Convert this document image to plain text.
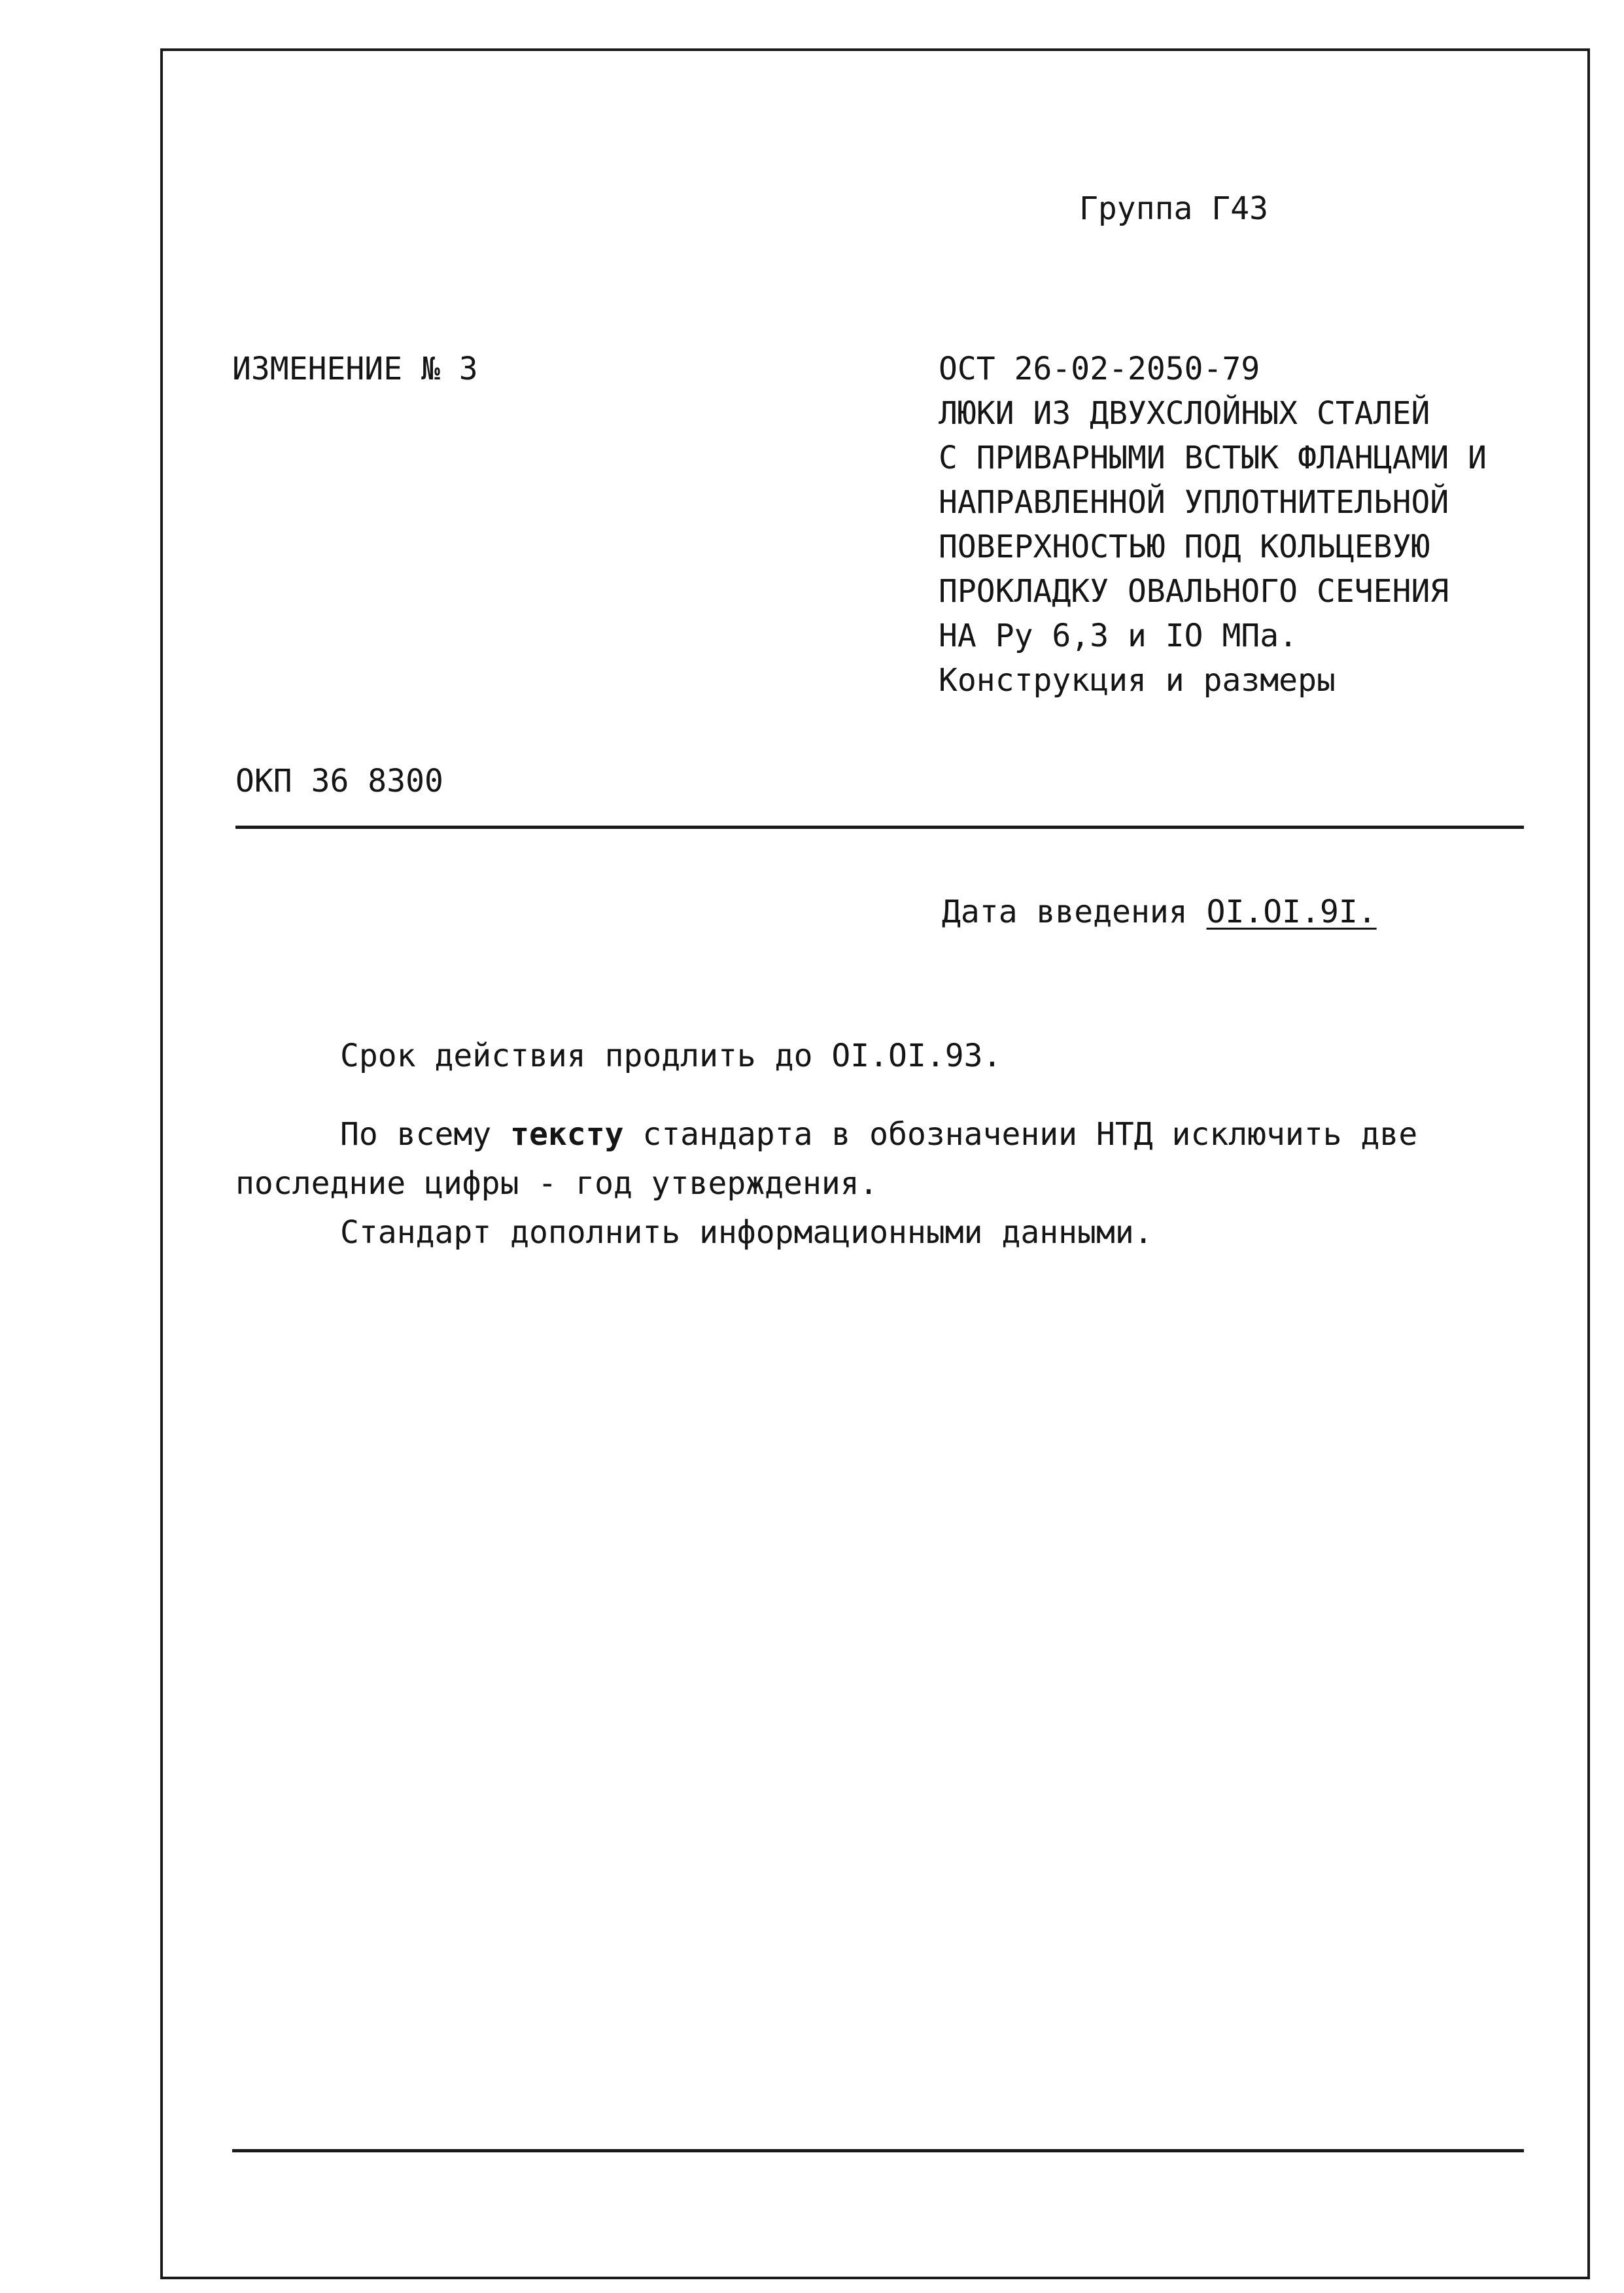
Группа Г43
ИЗМЕНЕНИЕ № 3	ОСТ 26-02-2050-79
ЛЮКИ ИЗ ДВУХСЛОЙНЫХ СТАЛЕЙ
С ПРИВАРНЫМИ ВСТЫК ФЛАНЦАМИ И
НАПРАВЛЕННОЙ УПЛОТНИТЕЛЬНОЙ
ПОВЕРХНОСТЬЮ ПОД КОЛЬЦЕВУЮ
ПРОКЛАДКУ ОВАЛЬНОГО СЕЧЕНИЯ
НА Ру 6,3 и IO МПа.
Конструкция и размеры
ОКП 36 8300
Дата введения OI.OI.9I.
Срок действия продлить до OI.OI.93.
По всему тексту стандарта в обозначении НТД исключить две
последние цифры - год утверждения.
Стандарт дополнить информационными данными.
